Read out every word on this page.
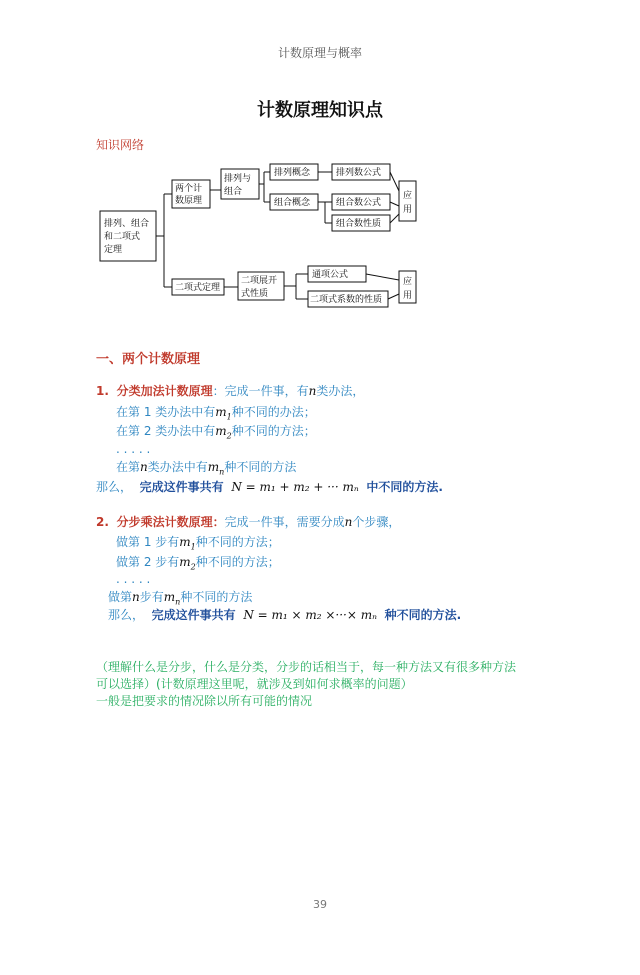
计数原理与概率
计数原理知识点
知识网络
排列、组合
和二项式
定理
两个计
数原理
排列与
组合
排列概念	排列数公式
组合概念	组合数公式
组合数性质
应
用
二项式定理
二项展开
式性质
通项公式
二项式系数的性质
应
用
一、两个计数原理
1. 分类加法计数原理：完成一件事，有n类办法，
在第 1 类办法中有$m_1$种不同的办法；
在第 2 类办法中有$m_2$种不同的方法；
. . . . .
在第n类办法中有$m_n$种不同的方法
那么， 完成这件事共有 N = m₁ + m₂ + ··· mₙ 中不同的方法.
2. 分步乘法计数原理：完成一件事，需要分成n个步骤，
做第 1 步有$m_1$种不同的方法；
做第 2 步有$m_2$种不同的方法；
. . . . .
做第n步有$m_n$种不同的方法
那么， 完成这件事共有 N = m₁ × m₂ ×···× mₙ 种不同的方法.
（理解什么是分步，什么是分类，分步的话相当于，每一种方法又有很多种方法
可以选择）(计数原理这里呢，就涉及到如何求概率的问题）
一般是把要求的情况除以所有可能的情况
39
